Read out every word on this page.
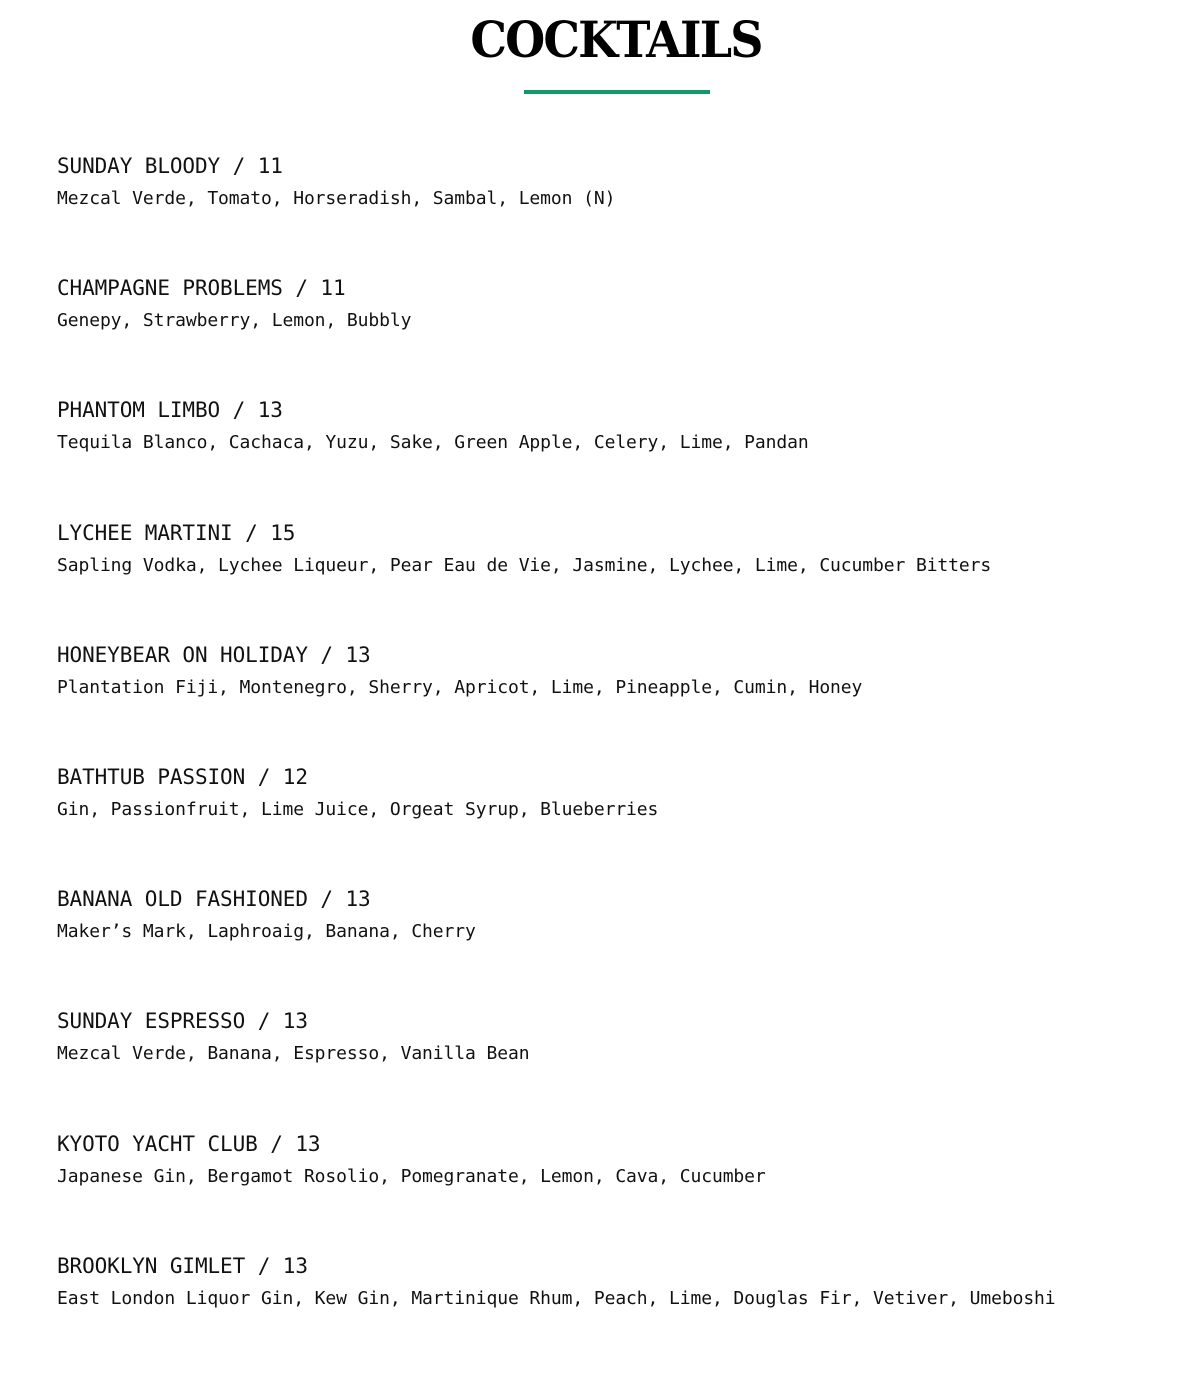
COCKTAILS
SUNDAY BLOODY / 11
Mezcal Verde, Tomato, Horseradish, Sambal, Lemon (N)
CHAMPAGNE PROBLEMS / 11
Genepy, Strawberry, Lemon, Bubbly
PHANTOM LIMBO / 13
Tequila Blanco, Cachaca, Yuzu, Sake, Green Apple, Celery, Lime, Pandan
LYCHEE MARTINI / 15
Sapling Vodka, Lychee Liqueur, Pear Eau de Vie, Jasmine, Lychee, Lime, Cucumber Bitters
HONEYBEAR ON HOLIDAY / 13
Plantation Fiji, Montenegro, Sherry, Apricot, Lime, Pineapple, Cumin, Honey
BATHTUB PASSION / 12
Gin, Passionfruit, Lime Juice, Orgeat Syrup, Blueberries
BANANA OLD FASHIONED / 13
Maker’s Mark, Laphroaig, Banana, Cherry
SUNDAY ESPRESSO / 13
Mezcal Verde, Banana, Espresso, Vanilla Bean
KYOTO YACHT CLUB / 13
Japanese Gin, Bergamot Rosolio, Pomegranate, Lemon, Cava, Cucumber
BROOKLYN GIMLET / 13
East London Liquor Gin, Kew Gin, Martinique Rhum, Peach, Lime, Douglas Fir, Vetiver, Umeboshi
